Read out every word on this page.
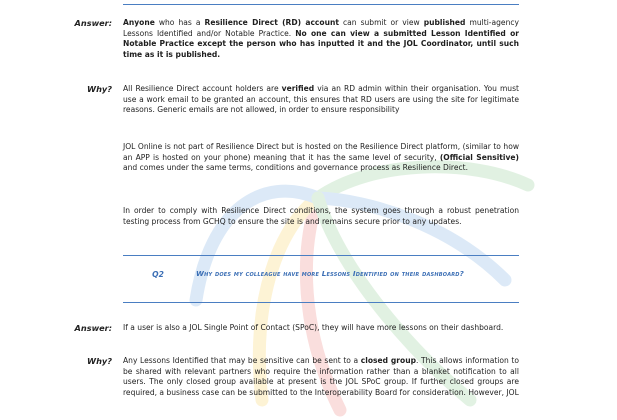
Answer: Anyone who has a Resilience Direct (RD) account can submit or view published multi-agency Lessons Identified and/or Notable Practice. No one can view a submitted Lesson Identified or Notable Practice except the person who has inputted it and the JOL Coordinator, until such time as it is published.
Why? All Resilience Direct account holders are verified via an RD admin within their organisation. You must use a work email to be granted an account, this ensures that RD users are using the site for legitimate reasons. Generic emails are not allowed, in order to ensure responsibility
JOL Online is not part of Resilience Direct but is hosted on the Resilience Direct platform, (similar to how an APP is hosted on your phone) meaning that it has the same level of security, (Official Sensitive) and comes under the same terms, conditions and governance process as Resilience Direct.
In order to comply with Resilience Direct conditions, the system goes through a robust penetration testing process from GCHQ to ensure the site is and remains secure prior to any updates.
Q2	Why does my colleague have more Lessons Identified on their dashboard?
Answer: If a user is also a JOL Single Point of Contact (SPoC), they will have more lessons on their dashboard.
Why? Any Lessons Identified that may be sensitive can be sent to a closed group. This allows information to be shared with relevant partners who require the information rather than a blanket notification to all users. The only closed group available at present is the JOL SPoC group. If further closed groups are required, a business case can be submitted to the Interoperability Board for consideration. However, JOL
